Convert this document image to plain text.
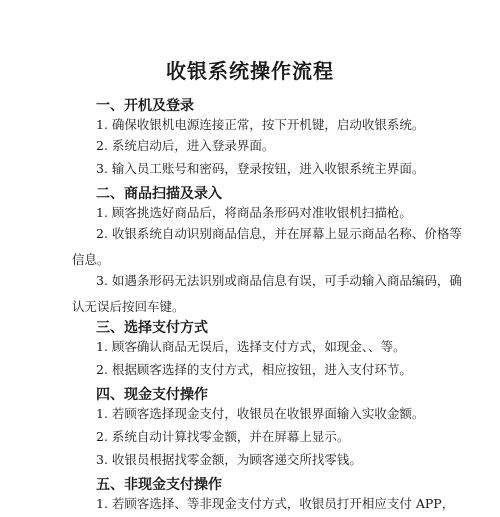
收银系统操作流程
一、开机及登录

1. 确保收银机电源连接正常，按下开机键，启动收银系统。

2. 系统启动后，进入登录界面。

3. 输入员工账号和密码，登录按钮，进入收银系统主界面。

二、商品扫描及录入

1. 顾客挑选好商品后，将商品条形码对准收银机扫描枪。

2. 收银系统自动识别商品信息，并在屏幕上显示商品名称、价格等信息。

3. 如遇条形码无法识别或商品信息有误，可手动输入商品编码，确认无误后按回车键。

三、选择支付方式

1. 顾客确认商品无误后，选择支付方式，如现金、、等。

2. 根据顾客选择的支付方式，相应按钮，进入支付环节。

四、现金支付操作

1. 若顾客选择现金支付，收银员在收银界面输入实收金额。

2. 系统自动计算找零金额，并在屏幕上显示。

3. 收银员根据找零金额，为顾客递交所找零钱。

五、非现金支付操作

1. 若顾客选择、等非现金支付方式，收银员打开相应支付 APP，
